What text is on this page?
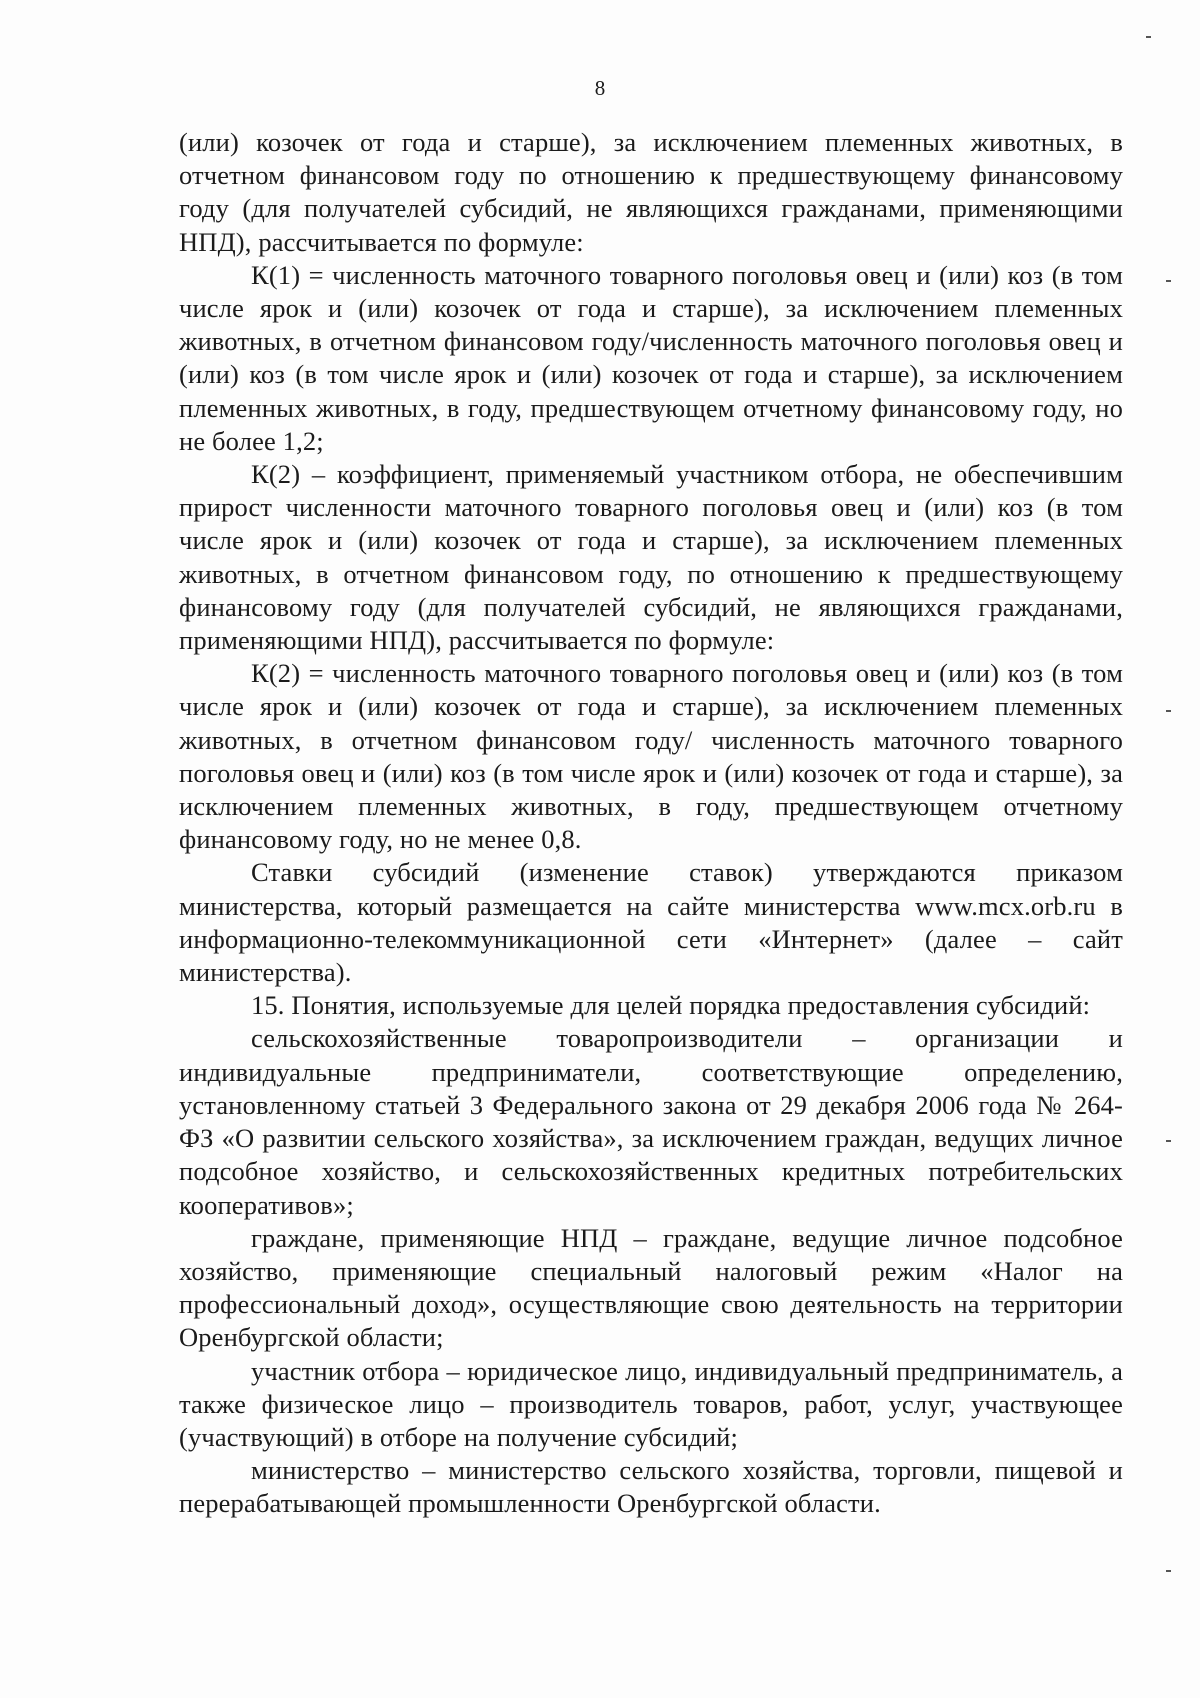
8

(или) козочек от года и старше), за исключением племенных животных, в отчетном финансовом году по отношению к предшествующему финансовому году (для получателей субсидий, не являющихся гражданами, применяющими НПД), рассчитывается по формуле:

К(1) = численность маточного товарного поголовья овец и (или) коз (в том числе ярок и (или) козочек от года и старше), за исключением племенных животных, в отчетном финансовом году/численность маточного поголовья овец и (или) коз (в том числе ярок и (или) козочек от года и старше), за исключением племенных животных, в году, предшествующем отчетному финансовому году, но не более 1,2;

К(2) – коэффициент, применяемый участником отбора, не обеспечившим прирост численности маточного товарного поголовья овец и (или) коз (в том числе ярок и (или) козочек от года и старше), за исключением племенных животных, в отчетном финансовом году, по отношению к предшествующему финансовому году (для получателей субсидий, не являющихся гражданами, применяющими НПД), рассчитывается по формуле:

К(2) = численность маточного товарного поголовья овец и (или) коз (в том числе ярок и (или) козочек от года и старше), за исключением племенных животных, в отчетном финансовом году/ численность маточного товарного поголовья овец и (или) коз (в том числе ярок и (или) козочек от года и старше), за исключением племенных животных, в году, предшествующем отчетному финансовому году, но не менее 0,8.

Ставки субсидий (изменение ставок) утверждаются приказом министерства, который размещается на сайте министерства www.mcx.orb.ru в информационно-телекоммуникационной сети «Интернет» (далее – сайт министерства).

15. Понятия, используемые для целей порядка предоставления субсидий:

сельскохозяйственные товаропроизводители – организации и индивидуальные предприниматели, соответствующие определению, установленному статьей 3 Федерального закона от 29 декабря 2006 года № 264-ФЗ «О развитии сельского хозяйства», за исключением граждан, ведущих личное подсобное хозяйство, и сельскохозяйственных кредитных потребительских кооперативов»;

граждане, применяющие НПД – граждане, ведущие личное подсобное хозяйство, применяющие специальный налоговый режим «Налог на профессиональный доход», осуществляющие свою деятельность на территории Оренбургской области;

участник отбора – юридическое лицо, индивидуальный предприниматель, а также физическое лицо – производитель товаров, работ, услуг, участвующее (участвующий) в отборе на получение субсидий;

министерство – министерство сельского хозяйства, торговли, пищевой и перерабатывающей промышленности Оренбургской области.
